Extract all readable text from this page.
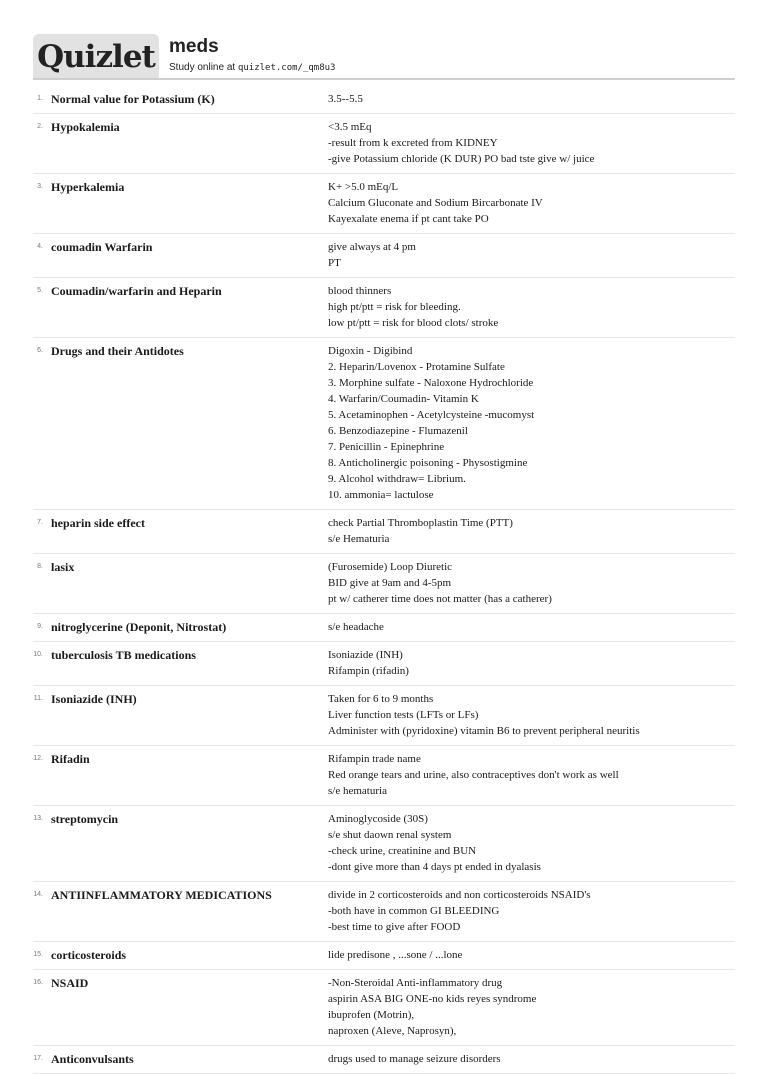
Quizlet meds
Study online at quizlet.com/_qm8u3
1. Normal value for Potassium (K)	3.5--5.5
2. Hypokalemia	<3.5 mEq
-result from k excreted from KIDNEY
-give Potassium chloride (K DUR) PO bad tste give w/ juice
3. Hyperkalemia	K+ >5.0 mEq/L
Calcium Gluconate and Sodium Bircarbonate IV
Kayexalate enema if pt cant take PO
4. coumadin Warfarin	give always at 4 pm
PT
5. Coumadin/warfarin and Heparin	blood thinners
high pt/ptt = risk for bleeding.
low pt/ptt = risk for blood clots/ stroke
6. Drugs and their Antidotes	Digoxin - Digibind
2. Heparin/Lovenox - Protamine Sulfate
3. Morphine sulfate - Naloxone Hydrochloride
4. Warfarin/Coumadin- Vitamin K
5. Acetaminophen - Acetylcysteine -mucomyst
6. Benzodiazepine - Flumazenil
7. Penicillin - Epinephrine
8. Anticholinergic poisoning - Physostigmine
9. Alcohol withdraw= Librium.
10. ammonia= lactulose
7. heparin side effect	check Partial Thromboplastin Time (PTT)
s/e Hematuria
8. lasix	(Furosemide) Loop Diuretic
BID give at 9am and 4-5pm
pt w/ catherer time does not matter (has a catherer)
9. nitroglycerine (Deponit, Nitrostat)	s/e headache
10. tuberculosis TB medications	Isoniazide (INH)
Rifampin (rifadin)
11. Isoniazide (INH)	Taken for 6 to 9 months
Liver function tests (LFTs or LFs)
Administer with (pyridoxine) vitamin B6 to prevent peripheral neuritis
12. Rifadin	Rifampin trade name
Red orange tears and urine, also contraceptives don't work as well
s/e hematuria
13. streptomycin	Aminoglycoside (30S)
s/e shut daown renal system
-check urine, creatinine and BUN
-dont give more than 4 days pt ended in dyalasis
14. ANTIINFLAMMATORY MEDICATIONS	divide in 2 corticosteroids and non corticosteroids NSAID's
-both have in common GI BLEEDING
-best time to give after FOOD
15. corticosteroids	lide predisone , ...sone / ...lone
16. NSAID	-Non-Steroidal Anti-inflammatory drug
aspirin ASA BIG ONE-no kids reyes syndrome
ibuprofen (Motrin),
naproxen (Aleve, Naprosyn),
17. Anticonvulsants	drugs used to manage seizure disorders
